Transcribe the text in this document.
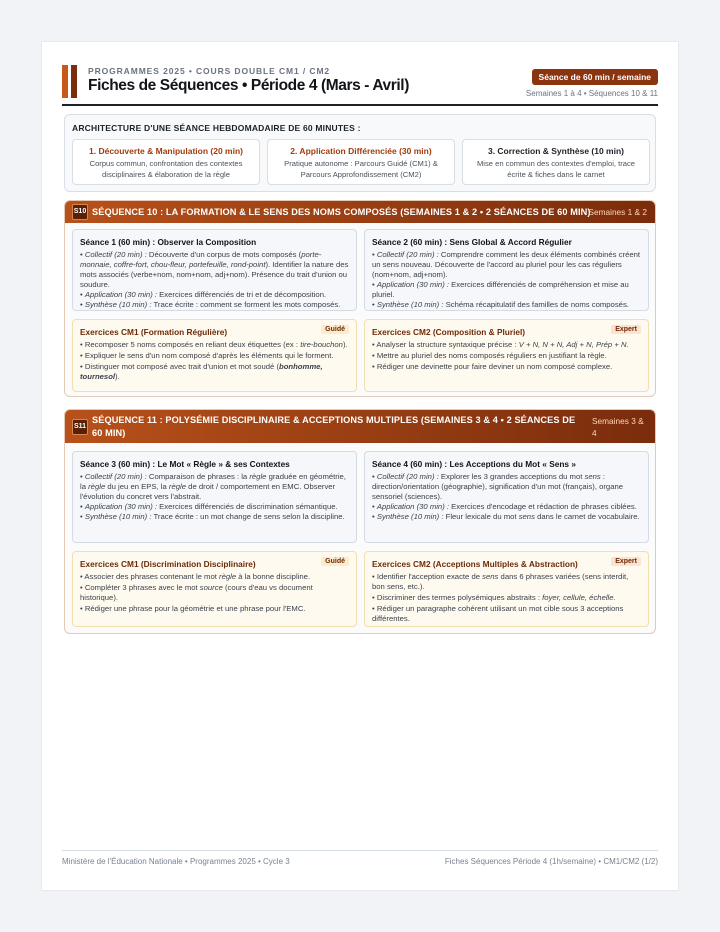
PROGRAMMES 2025 • COURS DOUBLE CM1 / CM2
Fiches de Séquences • Période 4 (Mars - Avril)	Séance de 60 min / semaine
Semaines 1 à 4 • Séquences 10 & 11
ARCHITECTURE D'UNE SÉANCE HEBDOMADAIRE DE 60 MINUTES :
1. Découverte & Manipulation (20 min)
Corpus commun, confrontation des contextes disciplinaires & élaboration de la règle
2. Application Différenciée (30 min)
Pratique autonome : Parcours Guidé (CM1) & Parcours Approfondissement (CM2)
3. Correction & Synthèse (10 min)
Mise en commun des contextes d'emploi, trace écrite & fiches dans le carnet
S10 SÉQUENCE 10 : LA FORMATION & LE SENS DES NOMS COMPOSÉS (SEMAINES 1 & 2 • 2 SÉANCES DE 60 MIN)
Semaines 1 & 2
Séance 1 (60 min) : Observer la Composition
• Collectif (20 min) : Découverte d'un corpus de mots composés (porte-monnaie, coffre-fort, chou-fleur, portefeuille, rond-point). Identifier la nature des mots associés (verbe+nom, nom+nom, adj+nom). Présence du trait d'union ou soudure.
• Application (30 min) : Exercices différenciés de tri et de décomposition.
• Synthèse (10 min) : Trace écrite : comment se forment les mots composés.
Séance 2 (60 min) : Sens Global & Accord Régulier
• Collectif (20 min) : Comprendre comment les deux éléments combinés créent un sens nouveau. Découverte de l'accord au pluriel pour les cas réguliers (nom+nom, adj+nom).
• Application (30 min) : Exercices différenciés de compréhension et mise au pluriel.
• Synthèse (10 min) : Schéma récapitulatif des familles de noms composés.
Exercices CM1 (Formation Régulière)	Guidé
• Recomposer 5 noms composés en reliant deux étiquettes (ex : tire-bouchon).
• Expliquer le sens d'un nom composé d'après les éléments qui le forment.
• Distinguer mot composé avec trait d'union et mot soudé (bonhomme, tournesol).
Exercices CM2 (Composition & Pluriel)	Expert
• Analyser la structure syntaxique précise : V + N, N + N, Adj + N, Prép + N.
• Mettre au pluriel des noms composés réguliers en justifiant la règle.
• Rédiger une devinette pour faire deviner un nom composé complexe.
S11
SÉQUENCE 11 : POLYSÉMIE DISCIPLINAIRE & ACCEPTIONS MULTIPLES (SEMAINES 3 & 4 • 2 SÉANCES DE 60 MIN)
Semaines 3 & 4
Séance 3 (60 min) : Le Mot « Règle » & ses Contextes
• Collectif (20 min) : Comparaison de phrases : la règle graduée en géométrie, la règle du jeu en EPS, la règle de droit / comportement en EMC. Observer l'évolution du concret vers l'abstrait.
• Application (30 min) : Exercices différenciés de discrimination sémantique.
• Synthèse (10 min) : Trace écrite : un mot change de sens selon la discipline.
Séance 4 (60 min) : Les Acceptions du Mot « Sens »
• Collectif (20 min) : Explorer les 3 grandes acceptions du mot sens : direction/orientation (géographie), signification d'un mot (français), organe sensoriel (sciences).
• Application (30 min) : Exercices d'encodage et rédaction de phrases ciblées.
• Synthèse (10 min) : Fleur lexicale du mot sens dans le carnet de vocabulaire.
Exercices CM1 (Discrimination Disciplinaire)	Guidé
• Associer des phrases contenant le mot règle à la bonne discipline.
• Compléter 3 phrases avec le mot source (cours d'eau vs document historique).
• Rédiger une phrase pour la géométrie et une phrase pour l'EMC.
Exercices CM2 (Acceptions Multiples & Abstraction)	Expert
• Identifier l'acception exacte de sens dans 6 phrases variées (sens interdit, bon sens, etc.).
• Discriminer des termes polysémiques abstraits : foyer, cellule, échelle.
• Rédiger un paragraphe cohérent utilisant un mot cible sous 3 acceptions différentes.
Ministère de l'Éducation Nationale • Programmes 2025 • Cycle 3	Fiches Séquences Période 4 (1h/semaine) • CM1/CM2 (1/2)
